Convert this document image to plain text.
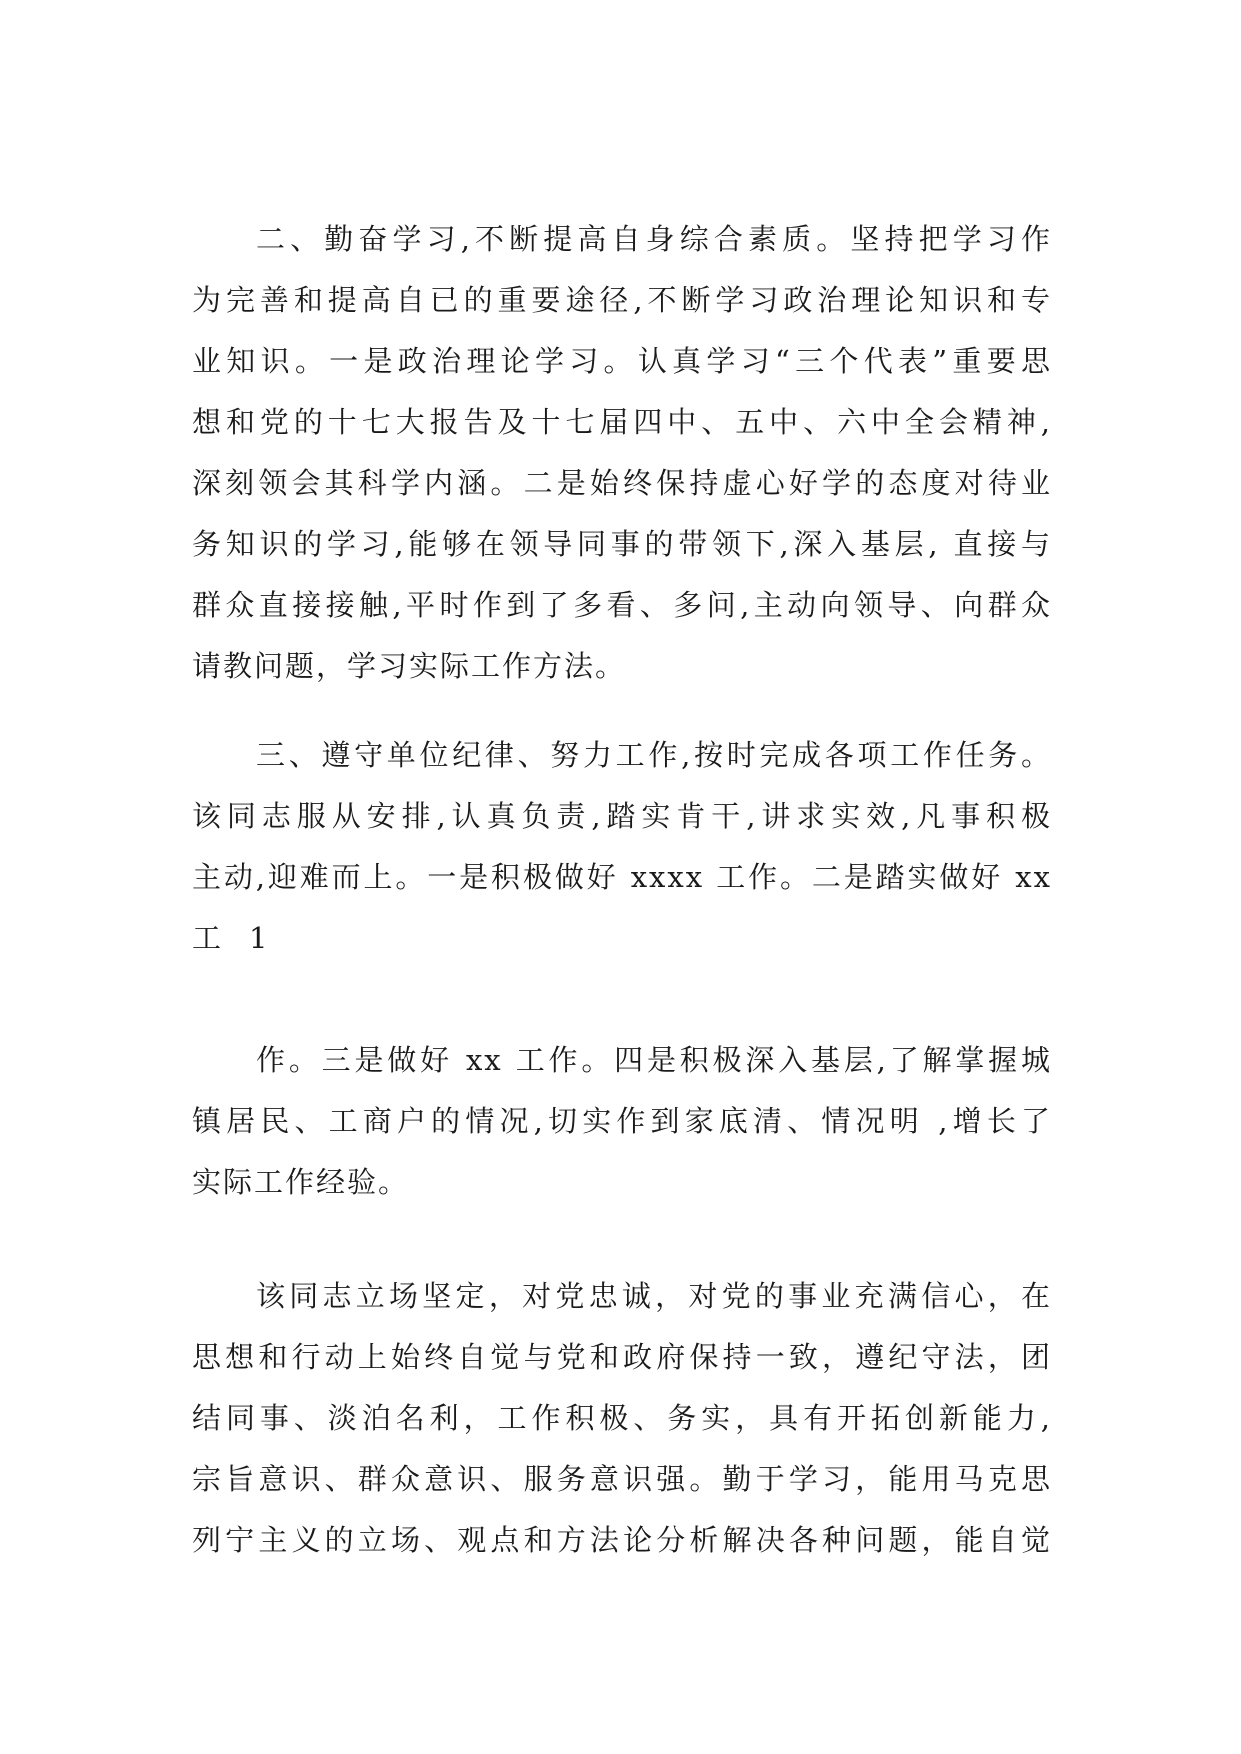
二、勤奋学习,不断提高自身综合素质。坚持把学习作
为完善和提高自已的重要途径,不断学习政治理论知识和专
业知识。一是政治理论学习。认真学习“三个代表”重要思
想和党的十七大报告及十七届四中、五中、六中全会精神,
深刻领会其科学内涵。二是始终保持虚心好学的态度对待业
务知识的学习,能够在领导同事的带领下,深入基层, 直接与
群众直接接触,平时作到了多看、多问,主动向领导、向群众
请教问题，学习实际工作方法。
三、遵守单位纪律、努力工作,按时完成各项工作任务。
该同志服从安排,认真负责,踏实肯干,讲求实效,凡事积极
主动,迎难而上。一是积极做好 xxxx 工作。二是踏实做好 xx
工 1
作。三是做好 xx 工作。四是积极深入基层,了解掌握城
镇居民、工商户的情况,切实作到家底清、情况明 ,增长了
实际工作经验。
该同志立场坚定，对党忠诚，对党的事业充满信心，在
思想和行动上始终自觉与党和政府保持一致，遵纪守法，团
结同事、淡泊名利，工作积极、务实，具有开拓创新能力,
宗旨意识、群众意识、服务意识强。勤于学习，能用马克思
列宁主义的立场、观点和方法论分析解决各种问题，能自觉
